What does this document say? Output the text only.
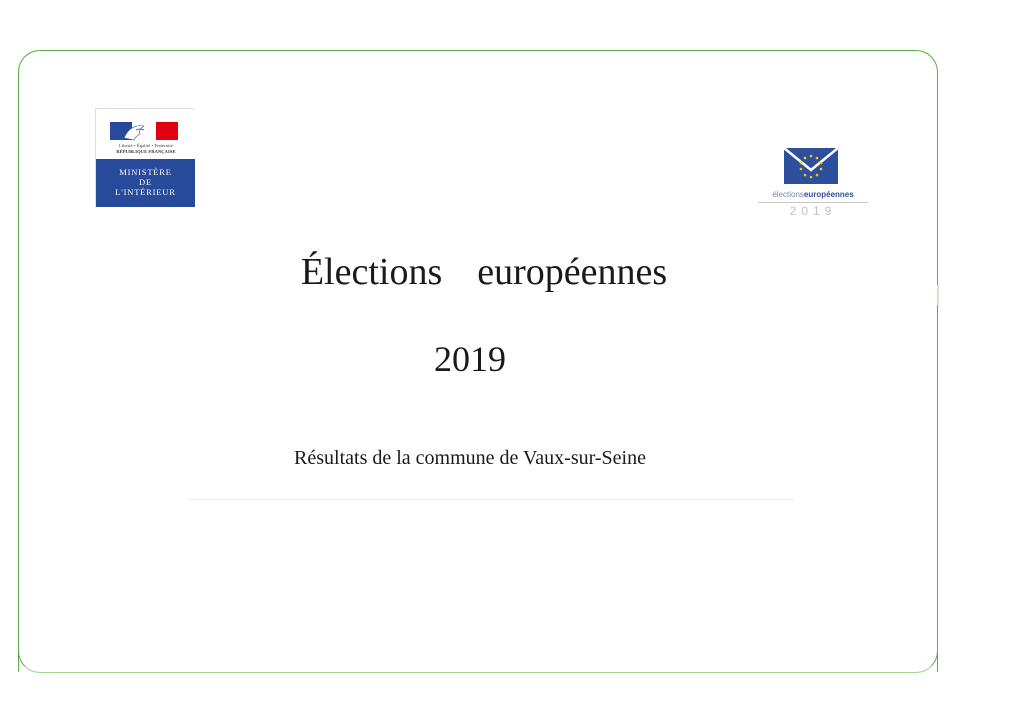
Liberté • Égalité • Fraternité
RÉPUBLIQUE FRANÇAISE
MINISTÈRE
DE
L'INTÉRIEUR	électionseuropéennes
2019
Élections  européennes
2019
Résultats de la commune de Vaux-sur-Seine
